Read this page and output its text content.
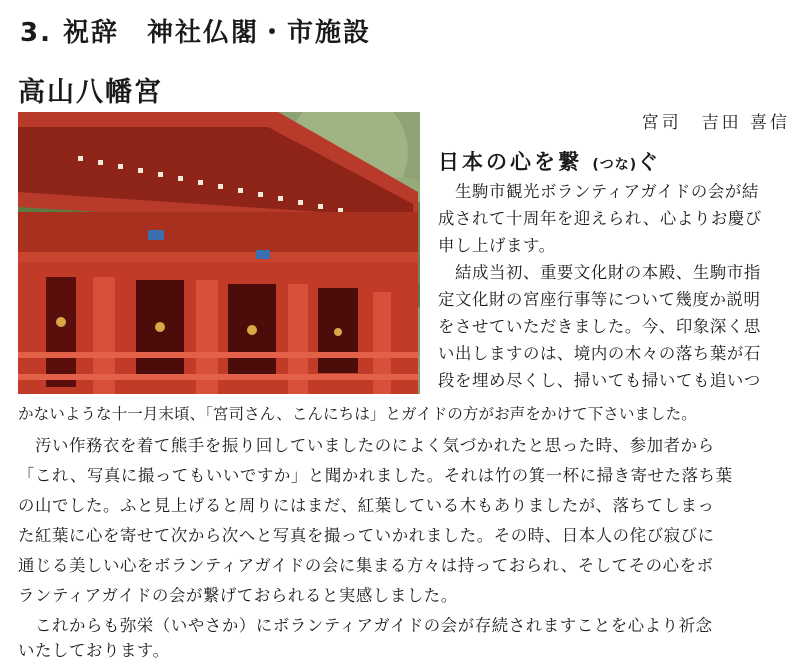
3. 祝辞　神社仏閣・市施設
高山八幡宮
宮司　吉田 喜信
日本の心を繋 (つな)ぐ
　生駒市観光ボランティアガイドの会が結
成されて十周年を迎えられ、心よりお慶び
申し上げます。
　結成当初、重要文化財の本殿、生駒市指
定文化財の宮座行事等について幾度か説明
をさせていただきました。今、印象深く思
い出しますのは、境内の木々の落ち葉が石
段を埋め尽くし、掃いても掃いても追いつ
かないような十一月末頃、「宮司さん、こんにちは」とガイドの方がお声をかけて下さいました。
　汚い作務衣を着て熊手を振り回していましたのによく気づかれたと思った時、参加者から
「これ、写真に撮ってもいいですか」と聞かれました。それは竹の箕一杯に掃き寄せた落ち葉
の山でした。ふと見上げると周りにはまだ、紅葉している木もありましたが、落ちてしまっ
た紅葉に心を寄せて次から次へと写真を撮っていかれました。その時、日本人の侘び寂びに
通じる美しい心をボランティアガイドの会に集まる方々は持っておられ、そしてその心をボ
ランティアガイドの会が繋げておられると実感しました。
　これからも弥栄（いやさか）にボランティアガイドの会が存続されますことを心より祈念
いたしております。
